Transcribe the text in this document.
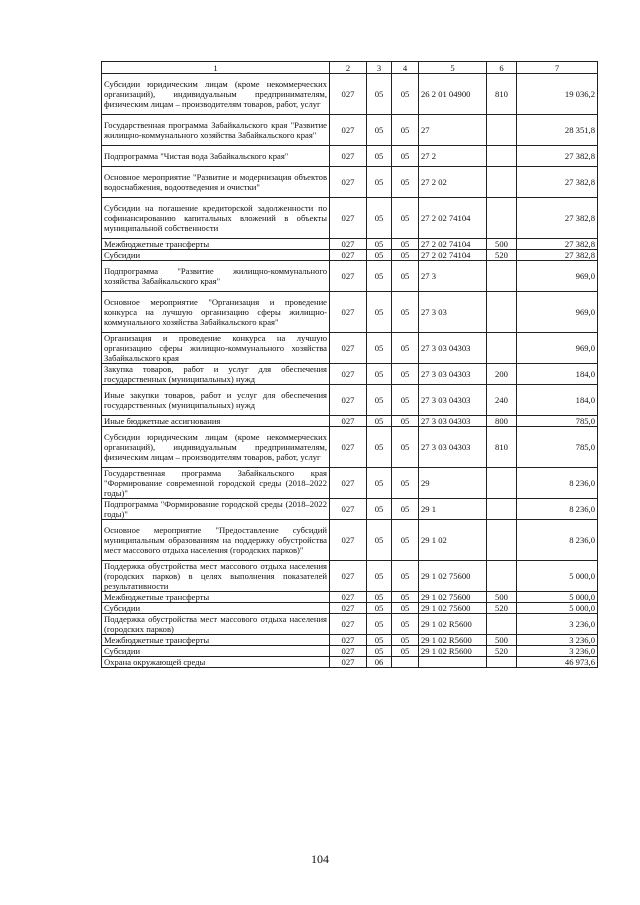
1	2	3	4	5	6	7
Субсидии юридическим лицам (кроме некоммерческих организаций), индивидуальным предпринимателям, физическим лицам – производителям товаров, работ, услуг	027	05	05	26 2 01 04900	810	19 036,2
Государственная программа Забайкальского края "Развитие жилищно-коммунального хозяйства Забайкальского края"	027	05	05	27		28 351,8
Подпрограмма "Чистая вода Забайкальского края"	027	05	05	27 2		27 382,8
Основное мероприятие "Развитие и модернизация объектов водоснабжения, водоотведения и очистки"	027	05	05	27 2 02		27 382,8
Субсидии на погашение кредиторской задолженности по софинансированию капитальных вложений в объекты муниципальной собственности	027	05	05	27 2 02 74104		27 382,8
Межбюджетные трансферты	027	05	05	27 2 02 74104	500	27 382,8
Субсидии	027	05	05	27 2 02 74104	520	27 382,8
Подпрограмма "Развитие жилищно-коммунального хозяйства Забайкальского края"	027	05	05	27 3		969,0
Основное мероприятие "Организация и проведение конкурса на лучшую организацию сферы жилищно-коммунального хозяйства Забайкальского края"	027	05	05	27 3 03		969,0
Организация и проведение конкурса на лучшую организацию сферы жилищно-коммунального хозяйства Забайкальского края	027	05	05	27 3 03 04303		969,0
Закупка товаров, работ и услуг для обеспечения государственных (муниципальных) нужд	027	05	05	27 3 03 04303	200	184,0
Иные закупки товаров, работ и услуг для обеспечения государственных (муниципальных) нужд	027	05	05	27 3 03 04303	240	184,0
Иные бюджетные ассигнования	027	05	05	27 3 03 04303	800	785,0
Субсидии юридическим лицам (кроме некоммерческих организаций), индивидуальным предпринимателям, физическим лицам – производителям товаров, работ, услуг	027	05	05	27 3 03 04303	810	785,0
Государственная программа Забайкальского края "Формирование современной городской среды (2018–2022 годы)"	027	05	05	29		8 236,0
Подпрограмма "Формирование городской среды (2018–2022 годы)"	027	05	05	29 1		8 236,0
Основное мероприятие "Предоставление субсидий муниципальным образованиям на поддержку обустройства мест массового отдыха населения (городских парков)"	027	05	05	29 1 02		8 236,0
Поддержка обустройства мест массового отдыха населения (городских парков) в целях выполнения показателей результативности	027	05	05	29 1 02 75600		5 000,0
Межбюджетные трансферты	027	05	05	29 1 02 75600	500	5 000,0
Субсидии	027	05	05	29 1 02 75600	520	5 000,0
Поддержка обустройства мест массового отдыха населения (городских парков)	027	05	05	29 1 02 R5600		3 236,0
Межбюджетные трансферты	027	05	05	29 1 02 R5600	500	3 236,0
Субсидии	027	05	05	29 1 02 R5600	520	3 236,0
Охрана окружающей среды	027	06				46 973,6
104
